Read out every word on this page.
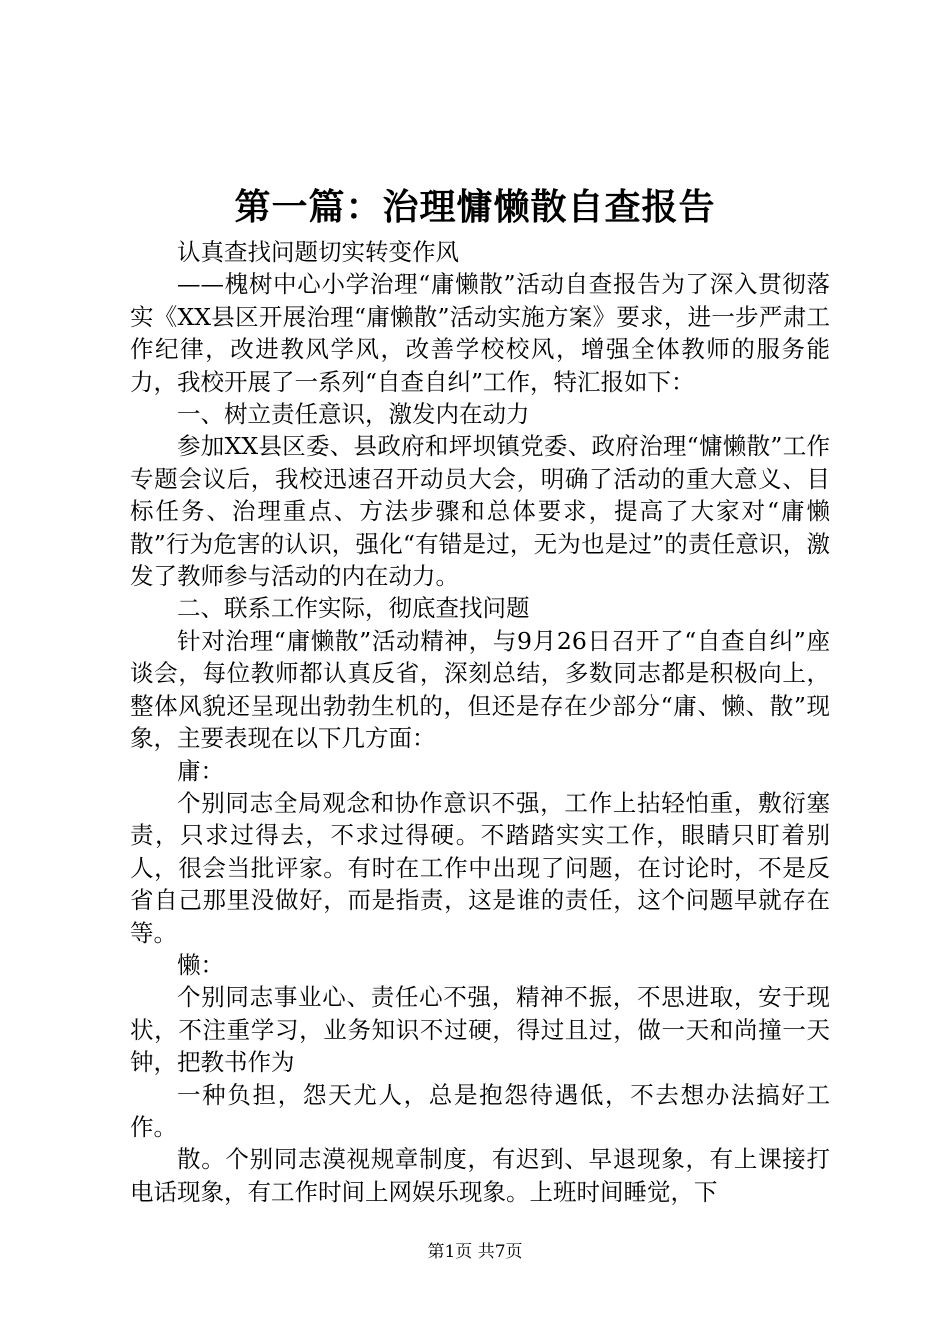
第一篇：治理慵懒散自查报告

认真查找问题切实转变作风

——槐树中心小学治理“庸懒散”活动自查报告为了深入贯彻落实《XX县区开展治理“庸懒散”活动实施方案》要求，进一步严肃工作纪律，改进教风学风，改善学校校风，增强全体教师的服务能力，我校开展了一系列“自查自纠”工作，特汇报如下：

一、树立责任意识，激发内在动力

参加XX县区委、县政府和坪坝镇党委、政府治理“慵懒散”工作专题会议后，我校迅速召开动员大会，明确了活动的重大意义、目标任务、治理重点、方法步骤和总体要求，提高了大家对“庸懒散”行为危害的认识，强化“有错是过，无为也是过”的责任意识，激发了教师参与活动的内在动力。

二、联系工作实际，彻底查找问题

针对治理“庸懒散”活动精神，与9月26日召开了“自查自纠”座谈会，每位教师都认真反省，深刻总结，多数同志都是积极向上，整体风貌还呈现出勃勃生机的，但还是存在少部分“庸、懒、散”现象，主要表现在以下几方面：

庸：

个别同志全局观念和协作意识不强，工作上拈轻怕重，敷衍塞责，只求过得去，不求过得硬。不踏踏实实工作，眼睛只盯着别人，很会当批评家。有时在工作中出现了问题，在讨论时，不是反省自己那里没做好，而是指责，这是谁的责任，这个问题早就存在等。

懒：

个别同志事业心、责任心不强，精神不振，不思进取，安于现状，不注重学习，业务知识不过硬，得过且过，做一天和尚撞一天钟，把教书作为

一种负担，怨天尤人，总是抱怨待遇低，不去想办法搞好工作。

散。个别同志漠视规章制度，有迟到、早退现象，有上课接打电话现象，有工作时间上网娱乐现象。上班时间睡觉，下

第1页 共7页
